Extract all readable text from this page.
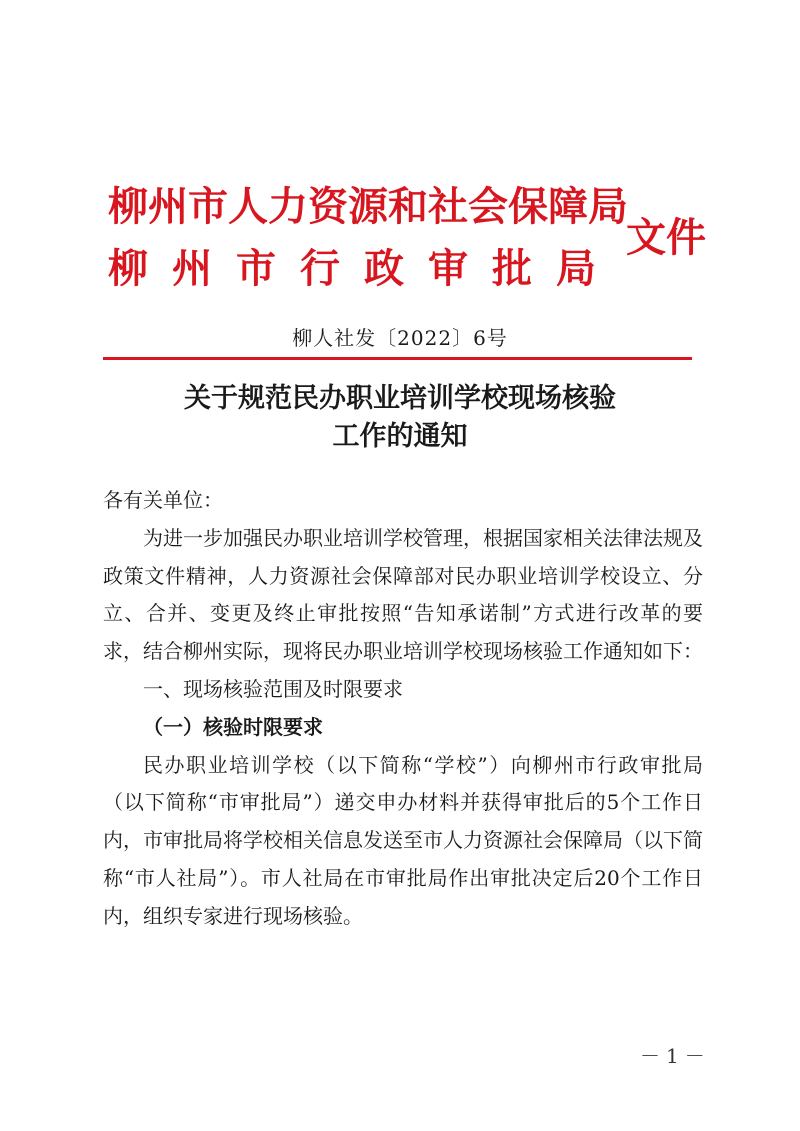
柳州市人力资源和社会保障局
柳州市行政审批局
文件
柳人社发〔2022〕6号
关于规范民办职业培训学校现场核验
工作的通知

各有关单位：

为进一步加强民办职业培训学校管理，根据国家相关法律法规及政策文件精神，人力资源社会保障部对民办职业培训学校设立、分立、合并、变更及终止审批按照“告知承诺制”方式进行改革的要求，结合柳州实际，现将民办职业培训学校现场核验工作通知如下：

一、现场核验范围及时限要求

（一）核验时限要求

民办职业培训学校（以下简称“学校”）向柳州市行政审批局（以下简称“市审批局”）递交申办材料并获得审批后的5个工作日内，市审批局将学校相关信息发送至市人力资源社会保障局（以下简称“市人社局”）。市人社局在市审批局作出审批决定后20个工作日内，组织专家进行现场核验。

－1－
